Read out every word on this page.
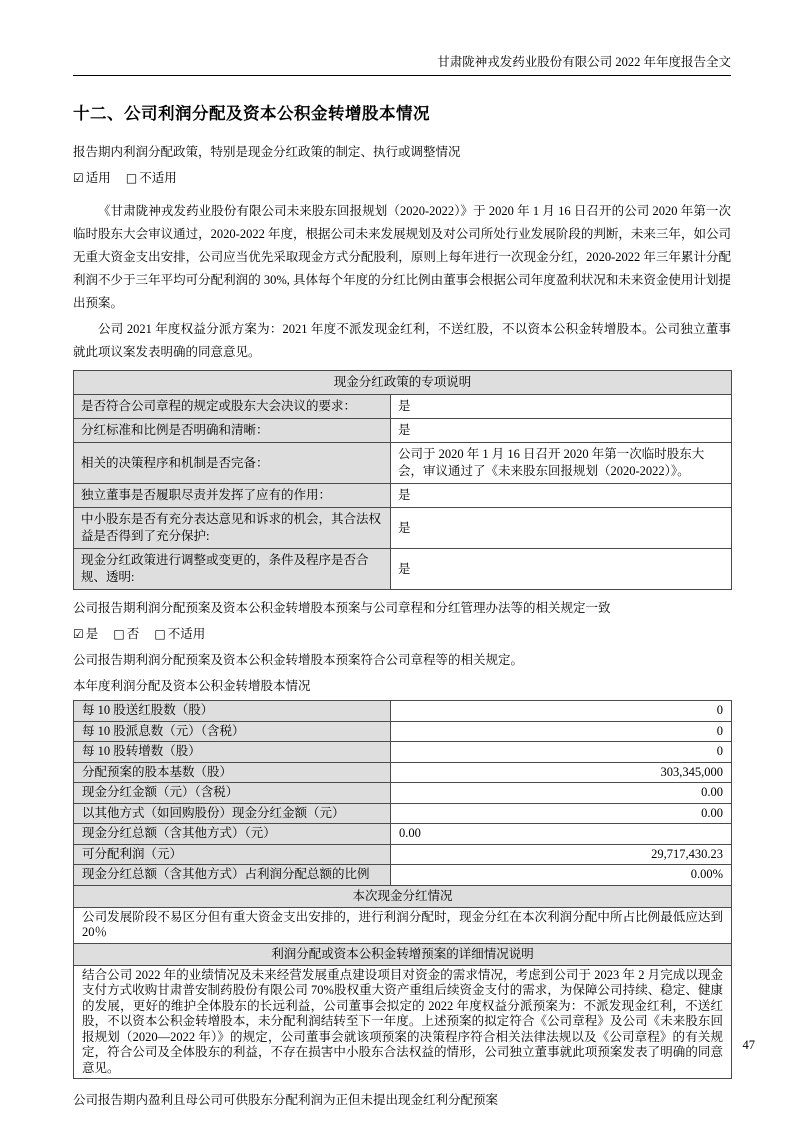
甘肃陇神戎发药业股份有限公司 2022 年年度报告全文
十二、公司利润分配及资本公积金转增股本情况

报告期内利润分配政策，特别是现金分红政策的制定、执行或调整情况

☑ 适用 □ 不适用

《甘肃陇神戎发药业股份有限公司未来股东回报规划（2020-2022）》于 2020 年 1 月 16 日召开的公司 2020 年第一次临时股东大会审议通过，2020-2022 年度，根据公司未来发展规划及对公司所处行业发展阶段的判断，未来三年，如公司无重大资金支出安排，公司应当优先采取现金方式分配股利，原则上每年进行一次现金分红，2020-2022 年三年累计分配利润不少于三年平均可分配利润的 30%, 具体每个年度的分红比例由董事会根据公司年度盈利状况和未来资金使用计划提出预案。

公司 2021 年度权益分派方案为：2021 年度不派发现金红利，不送红股，不以资本公积金转增股本。公司独立董事就此项议案发表明确的同意意见。

现金分红政策的专项说明	
是否符合公司章程的规定或股东大会决议的要求：	是
分红标准和比例是否明确和清晰：	是
相关的决策程序和机制是否完备：	公司于 2020 年 1 月 16 日召开 2020 年第一次临时股东大会，审议通过了《未来股东回报规划（2020-2022）》。
独立董事是否履职尽责并发挥了应有的作用：	是
中小股东是否有充分表达意见和诉求的机会，其合法权益是否得到了充分保护:	是
现金分红政策进行调整或变更的，条件及程序是否合规、透明:	是

公司报告期利润分配预案及资本公积金转增股本预案与公司章程和分红管理办法等的相关规定一致

☑ 是 □ 否 □ 不适用

公司报告期利润分配预案及资本公积金转增股本预案符合公司章程等的相关规定。

本年度利润分配及资本公积金转增股本情况

每 10 股送红股数（股）	0
每 10 股派息数（元）（含税）	0
每 10 股转增数（股）	0
分配预案的股本基数（股）	303,345,000
现金分红金额（元）（含税）	0.00
以其他方式（如回购股份）现金分红金额（元）	0.00
现金分红总额（含其他方式）（元）	0.00
可分配利润（元）	29,717,430.23
现金分红总额（含其他方式）占利润分配总额的比例	0.00%
本次现金分红情况	
公司发展阶段不易区分但有重大资金支出安排的，进行利润分配时，现金分红在本次利润分配中所占比例最低应达到20％	
利润分配或资本公积金转增预案的详细情况说明	
结合公司 2022 年的业绩情况及未来经营发展重点建设项目对资金的需求情况，考虑到公司于 2023 年 2 月完成以现金支付方式收购甘肃普安制药股份有限公司 70%股权重大资产重组后续资金支付的需求，为保障公司持续、稳定、健康的发展，更好的维护全体股东的长远利益，公司董事会拟定的 2022 年度权益分派预案为：不派发现金红利，不送红股，不以资本公积金转增股本，未分配利润结转至下一年度。上述预案的拟定符合《公司章程》及公司《未来股东回报规划（2020—2022 年）》的规定，公司董事会就该项预案的决策程序符合相关法律法规以及《公司章程》的有关规定，符合公司及全体股东的利益，不存在损害中小股东合法权益的情形，公司独立董事就此项预案发表了明确的同意意见。	

公司报告期内盈利且母公司可供股东分配利润为正但未提出现金红利分配预案

47
